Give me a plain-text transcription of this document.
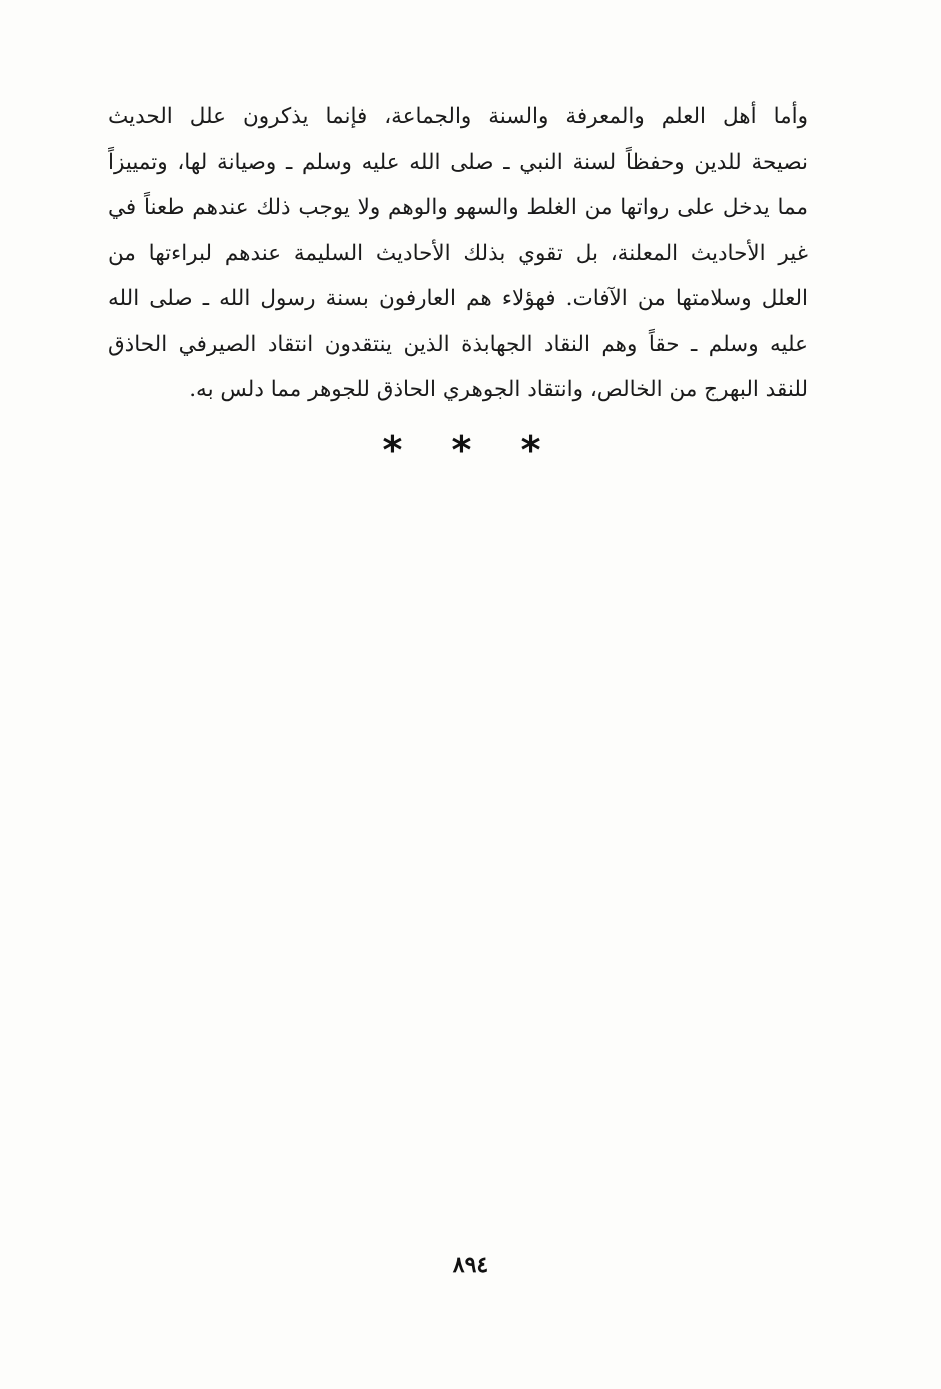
وأما أهل العلم والمعرفة والسنة والجماعة، فإنما يذكرون علل الحديث
نصيحة للدين وحفظاً لسنة النبي ـ صلى الله عليه وسلم ـ وصيانة لها، وتمييزاً
مما يدخل على رواتها من الغلط والسهو والوهم ولا يوجب ذلك عندهم طعناً في
غير الأحاديث المعلنة، بل تقوي بذلك الأحاديث السليمة عندهم لبراءتها من
العلل وسلامتها من الآفات. فهؤلاء هم العارفون بسنة رسول الله ـ صلى الله
عليه وسلم ـ حقاً وهم النقاد الجهابذة الذين ينتقدون انتقاد الصيرفي الحاذق
للنقد البهرج من الخالص، وانتقاد الجوهري الحاذق للجوهر مما دلس به.
* * *
٨٩٤
